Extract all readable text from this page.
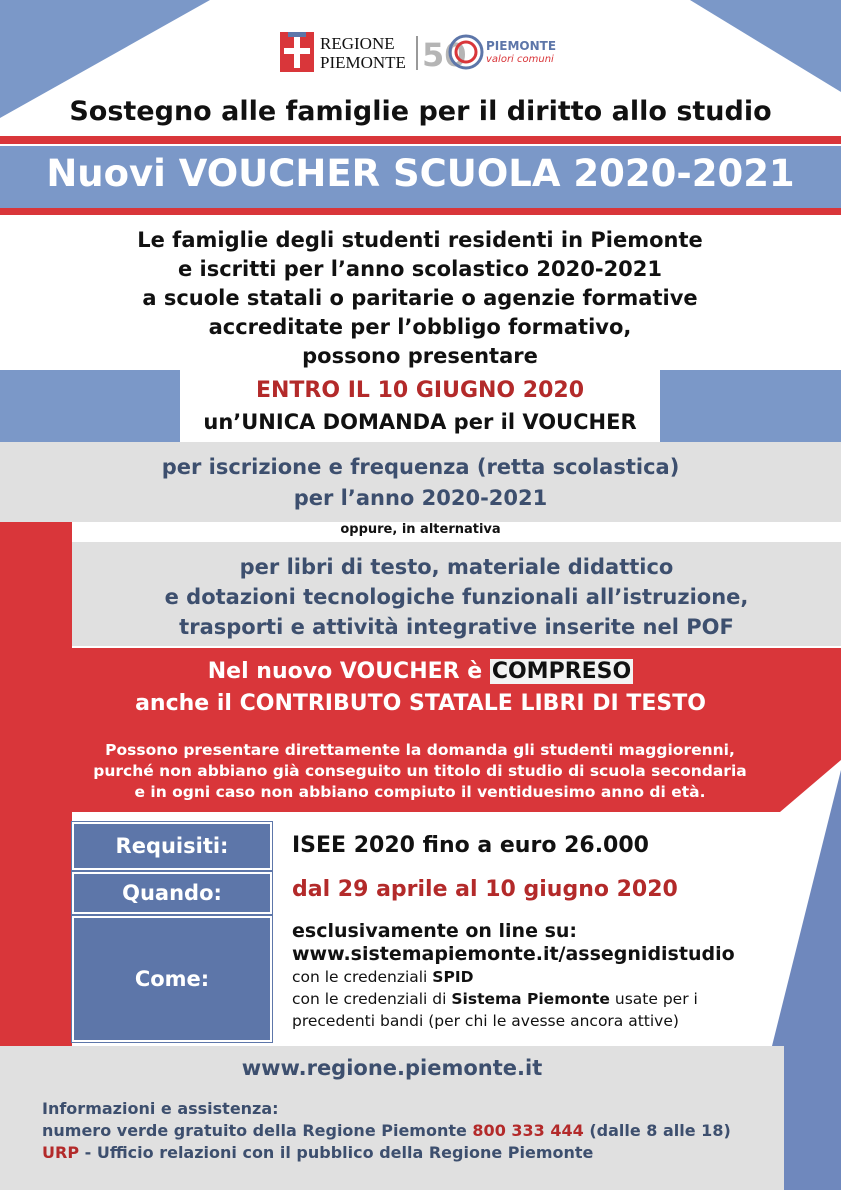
REGIONE
PIEMONTE 50 PIEMONTE
valori comuni
Sostegno alle famiglie per il diritto allo studio
Nuovi VOUCHER SCUOLA 2020-2021
Le famiglie degli studenti residenti in Piemonte
e iscritti per l’anno scolastico 2020-2021
a scuole statali o paritarie o agenzie formative
accreditate per l’obbligo formativo,
possono presentare
ENTRO IL 10 GIUGNO 2020
un’UNICA DOMANDA per il VOUCHER
per iscrizione e frequenza (retta scolastica)
per l’anno 2020-2021
oppure, in alternativa
per libri di testo, materiale didattico
e dotazioni tecnologiche funzionali all’istruzione,
trasporti e attività integrative inserite nel POF
Nel nuovo VOUCHER è COMPRESO
anche il CONTRIBUTO STATALE LIBRI DI TESTO
Possono presentare direttamente la domanda gli studenti maggiorenni,
purché non abbiano già conseguito un titolo di studio di scuola secondaria
e in ogni caso non abbiano compiuto il ventiduesimo anno di età.
Requisiti:
Quando:
Come:
ISEE 2020 fino a euro 26.000
dal 29 aprile al 10 giugno 2020
esclusivamente on line su:
www.sistemapiemonte.it/assegnidistudio
con le credenziali SPID
con le credenziali di Sistema Piemonte usate per i
precedenti bandi (per chi le avesse ancora attive)
www.regione.piemonte.it
Informazioni e assistenza:
numero verde gratuito della Regione Piemonte 800 333 444 (dalle 8 alle 18)
URP - Ufficio relazioni con il pubblico della Regione Piemonte
